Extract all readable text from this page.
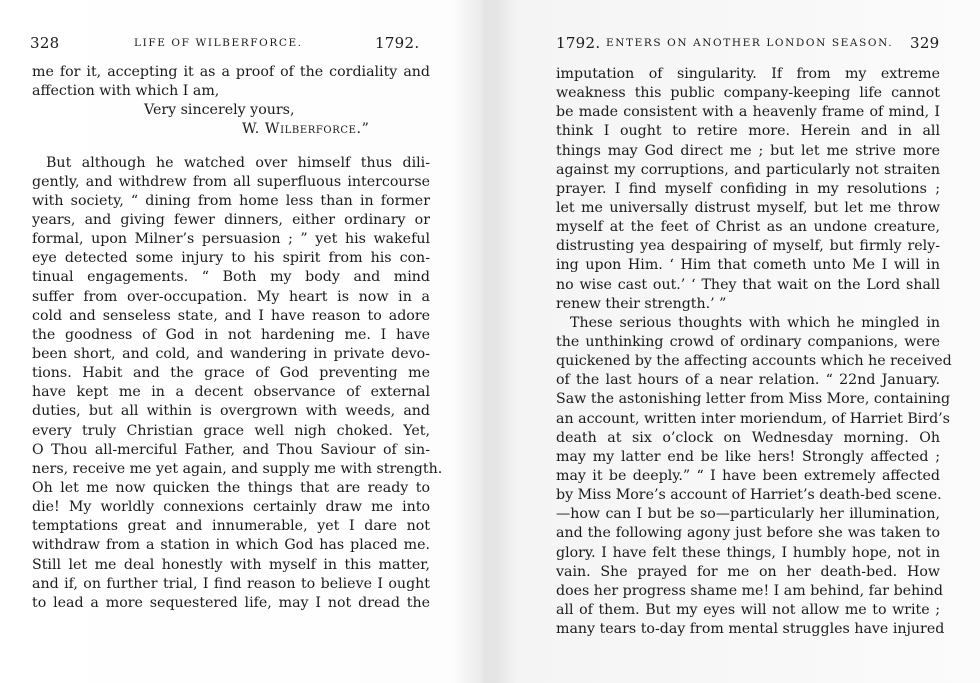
328	LIFE OF WILBERFORCE.	1792.
me for it, accepting it as a proof of the cordiality and
affection with which I am,
Very sincerely yours,
W. Wilberforce.”
But although he watched over himself thus dili-
gently, and withdrew from all superfluous intercourse
with society, “ dining from home less than in former
years, and giving fewer dinners, either ordinary or
formal, upon Milner’s persuasion ; ” yet his wakeful
eye detected some injury to his spirit from his con-
tinual engagements. “ Both my body and mind
suffer from over-occupation. My heart is now in a
cold and senseless state, and I have reason to adore
the goodness of God in not hardening me. I have
been short, and cold, and wandering in private devo-
tions. Habit and the grace of God preventing me
have kept me in a decent observance of external
duties, but all within is overgrown with weeds, and
every truly Christian grace well nigh choked. Yet,
O Thou all-merciful Father, and Thou Saviour of sin-
ners, receive me yet again, and supply me with strength.
Oh let me now quicken the things that are ready to
die! My worldly connexions certainly draw me into
temptations great and innumerable, yet I dare not
withdraw from a station in which God has placed me.
Still let me deal honestly with myself in this matter,
and if, on further trial, I find reason to believe I ought
to lead a more sequestered life, may I not dread the
1792. ENTERS ON ANOTHER LONDON SEASON. 329
imputation of singularity. If from my extreme
weakness this public company-keeping life cannot
be made consistent with a heavenly frame of mind, I
think I ought to retire more. Herein and in all
things may God direct me ; but let me strive more
against my corruptions, and particularly not straiten
prayer. I find myself confiding in my resolutions ;
let me universally distrust myself, but let me throw
myself at the feet of Christ as an undone creature,
distrusting yea despairing of myself, but firmly rely-
ing upon Him. ‘ Him that cometh unto Me I will in
no wise cast out.’ ‘ They that wait on the Lord shall
renew their strength.’ ”
These serious thoughts with which he mingled in
the unthinking crowd of ordinary companions, were
quickened by the affecting accounts which he received
of the last hours of a near relation. “ 22nd January.
Saw the astonishing letter from Miss More, containing
an account, written inter moriendum, of Harriet Bird’s
death at six o’clock on Wednesday morning. Oh
may my latter end be like hers! Strongly affected ;
may it be deeply.” “ I have been extremely affected
by Miss More’s account of Harriet’s death-bed scene.
—how can I but be so—particularly her illumination,
and the following agony just before she was taken to
glory. I have felt these things, I humbly hope, not in
vain. She prayed for me on her death-bed. How
does her progress shame me! I am behind, far behind
all of them. But my eyes will not allow me to write ;
many tears to-day from mental struggles have injured
